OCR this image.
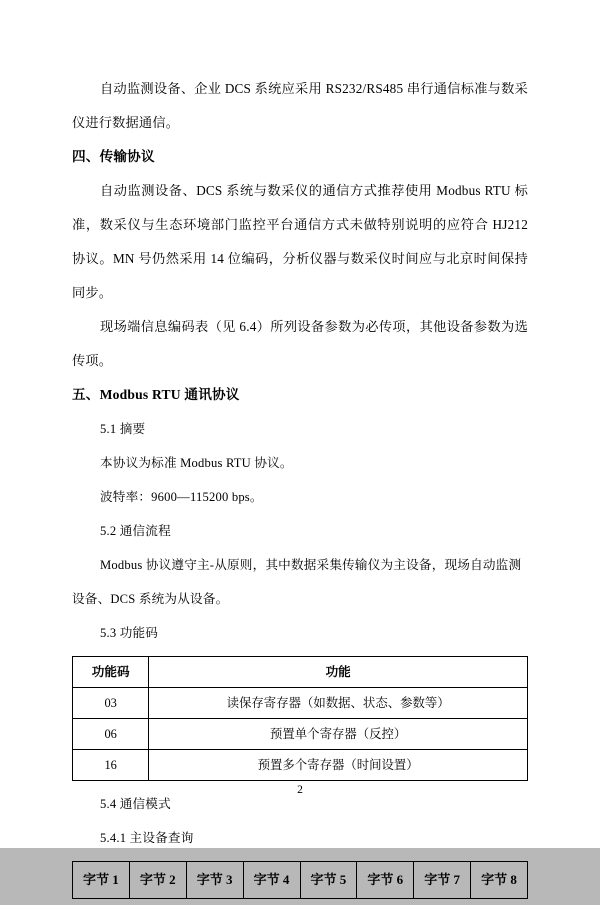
自动监测设备、企业 DCS 系统应采用 RS232/RS485 串行通信标准与数采仪进行数据通信。

四、传输协议

自动监测设备、DCS 系统与数采仪的通信方式推荐使用 Modbus RTU 标准，数采仪与生态环境部门监控平台通信方式未做特别说明的应符合 HJ212 协议。MN 号仍然采用 14 位编码，分析仪器与数采仪时间应与北京时间保持同步。

现场端信息编码表（见 6.4）所列设备参数为必传项，其他设备参数为选传项。

五、Modbus RTU 通讯协议

5.1 摘要

本协议为标准 Modbus RTU 协议。

波特率：9600—115200 bps。

5.2 通信流程

Modbus 协议遵守主-从原则，其中数据采集传输仪为主设备，现场自动监测设备、DCS 系统为从设备。

5.3 功能码

功能码	功能
03	读保存寄存器（如数据、状态、参数等）
06	预置单个寄存器（反控）
16	预置多个寄存器（时间设置）

5.4 通信模式

5.4.1 主设备查询

字节 1	字节 2	字节 3	字节 4	字节 5	字节 6	字节 7	字节 8
2
